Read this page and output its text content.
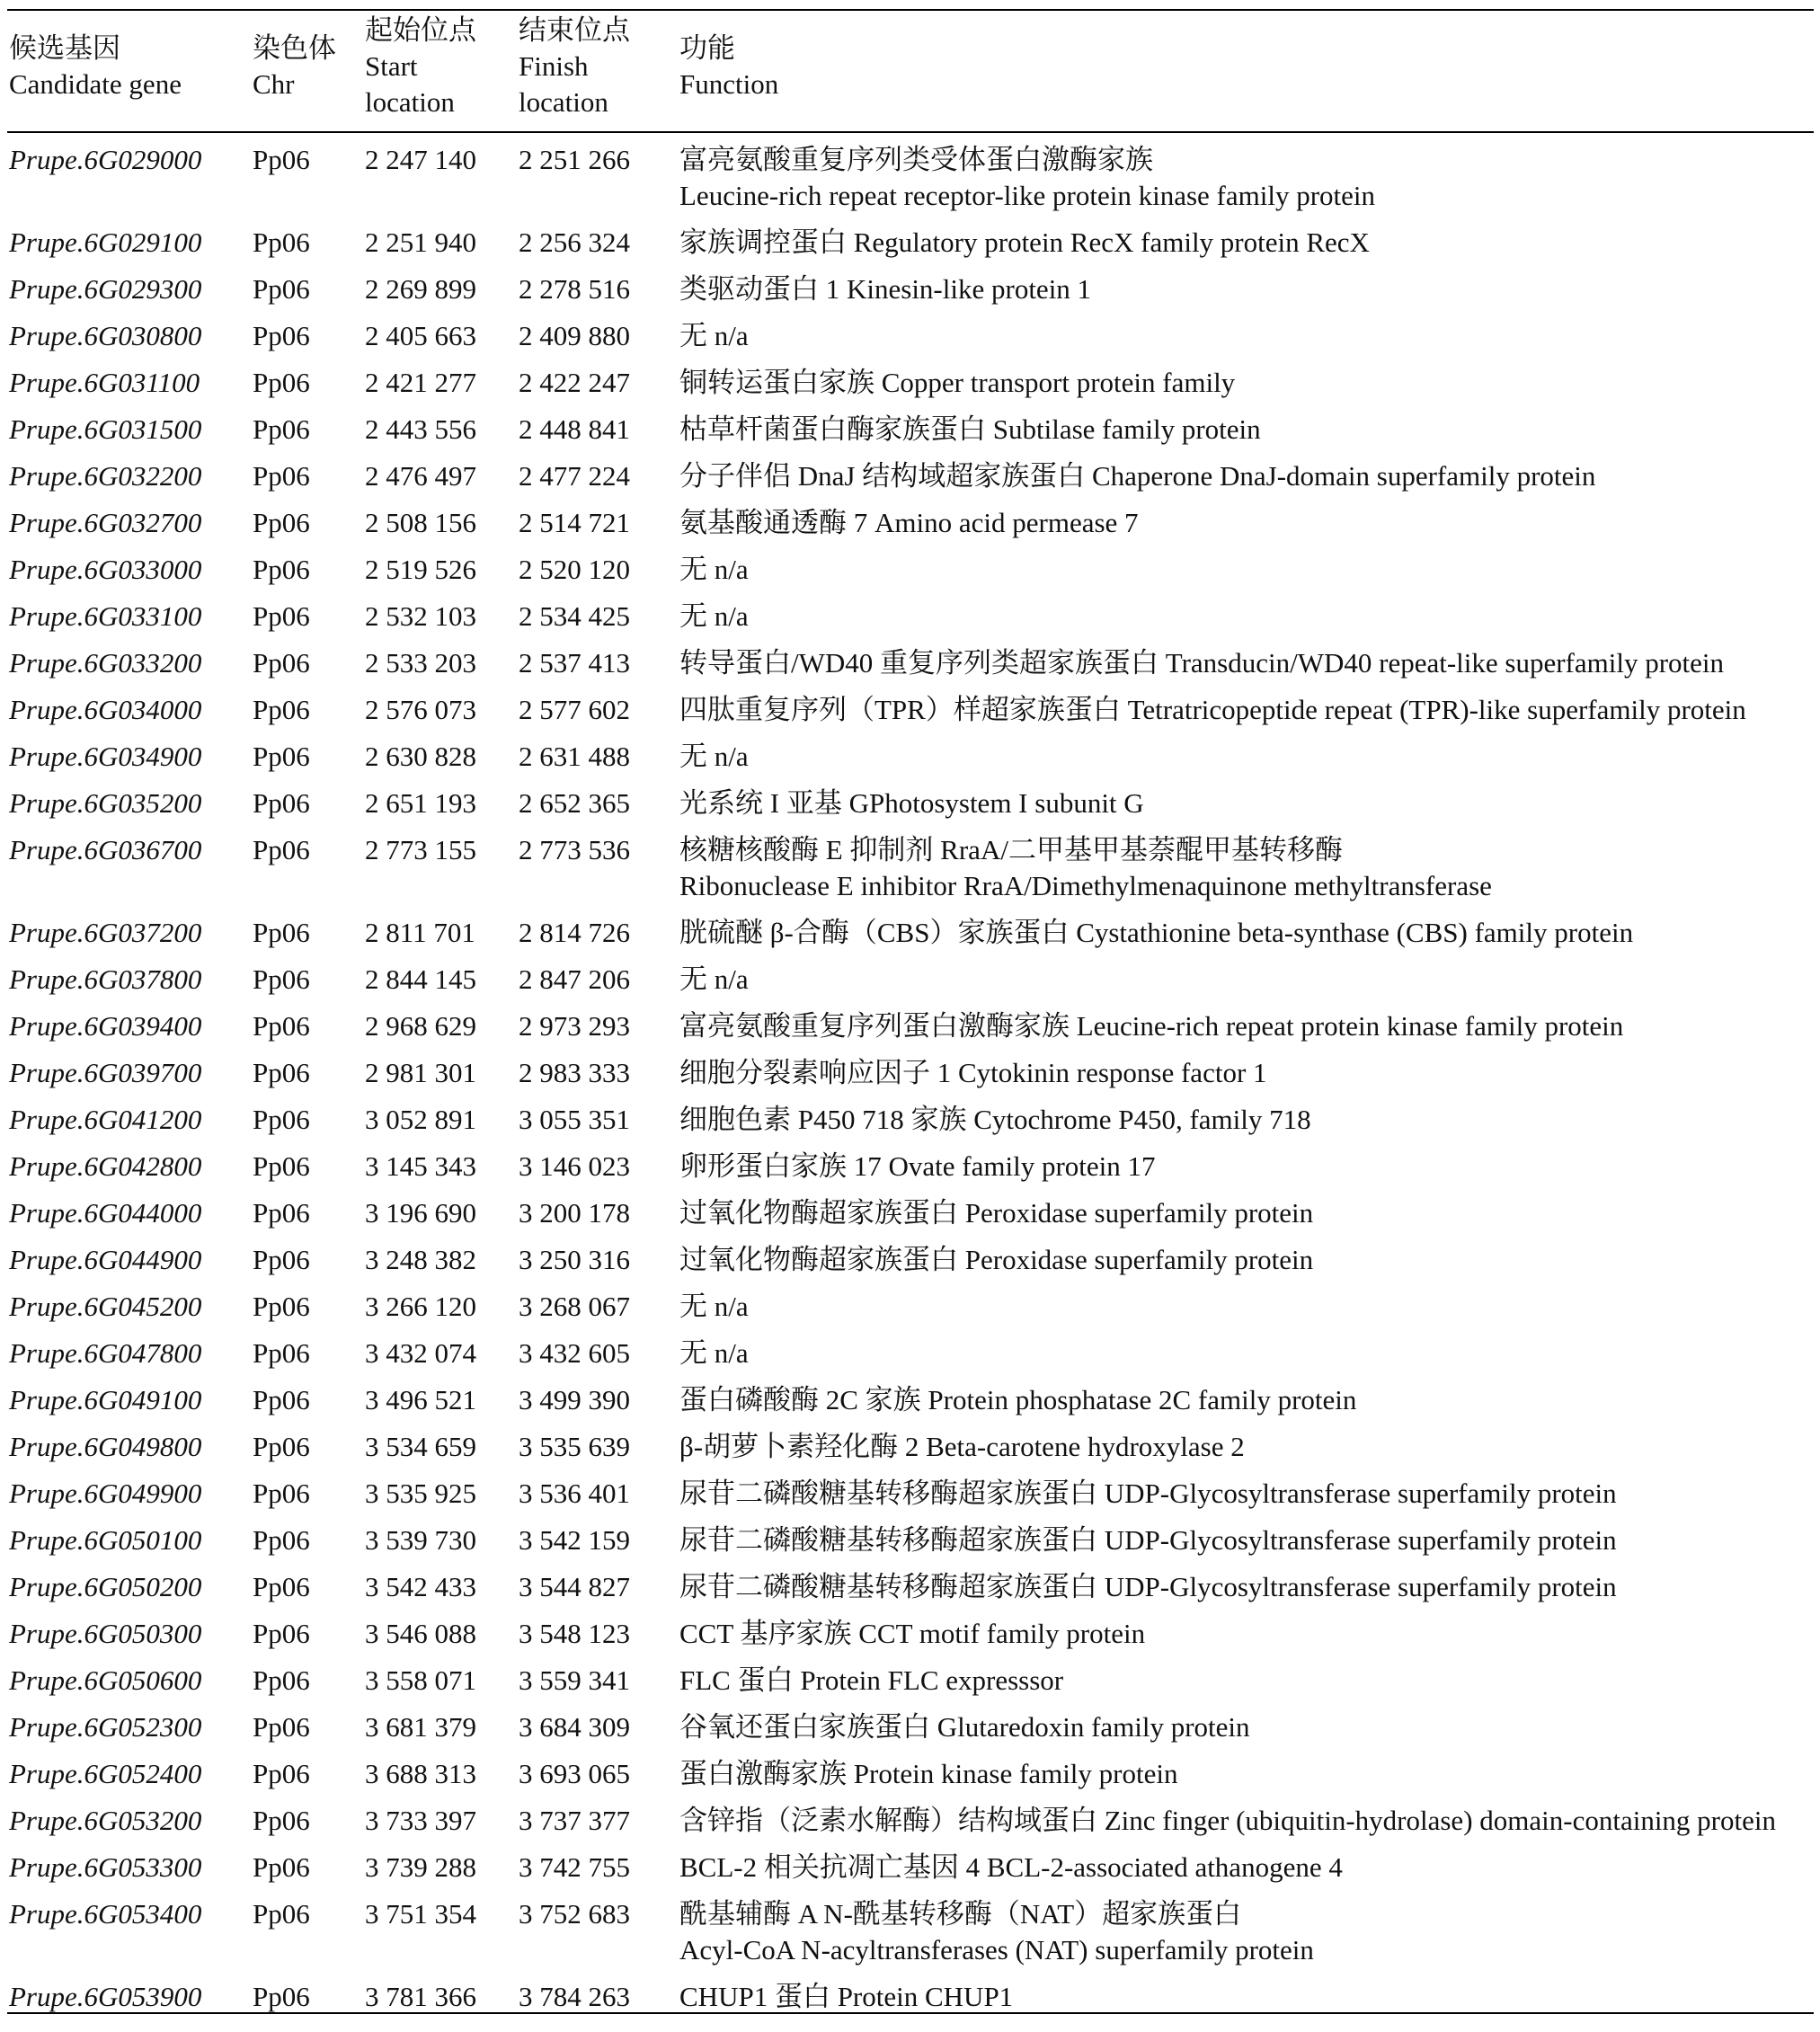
候选基因
Candidate gene
染色体
Chr
起始位点
Start
location
结束位点
Finish
location
功能
Function
Prupe.6G029000 Pp06 2 247 140 2 251 266 富亮氨酸重复序列类受体蛋白激酶家族
Leucine-rich repeat receptor-like protein kinase family protein
Prupe.6G029100 Pp06 2 251 940 2 256 324 家族调控蛋白 Regulatory protein RecX family protein RecX
Prupe.6G029300 Pp06 2 269 899 2 278 516 类驱动蛋白 1 Kinesin-like protein 1
Prupe.6G030800 Pp06 2 405 663 2 409 880 无 n/a
Prupe.6G031100 Pp06 2 421 277 2 422 247 铜转运蛋白家族 Copper transport protein family
Prupe.6G031500 Pp06 2 443 556 2 448 841 枯草杆菌蛋白酶家族蛋白 Subtilase family protein
Prupe.6G032200 Pp06 2 476 497 2 477 224 分子伴侣 DnaJ 结构域超家族蛋白 Chaperone DnaJ-domain superfamily protein
Prupe.6G032700 Pp06 2 508 156 2 514 721 氨基酸通透酶 7 Amino acid permease 7
Prupe.6G033000 Pp06 2 519 526 2 520 120 无 n/a
Prupe.6G033100 Pp06 2 532 103 2 534 425 无 n/a
Prupe.6G033200 Pp06 2 533 203 2 537 413 转导蛋白/WD40 重复序列类超家族蛋白 Transducin/WD40 repeat-like superfamily protein
Prupe.6G034000 Pp06 2 576 073 2 577 602 四肽重复序列（TPR）样超家族蛋白 Tetratricopeptide repeat (TPR)-like superfamily protein
Prupe.6G034900 Pp06 2 630 828 2 631 488 无 n/a
Prupe.6G035200 Pp06 2 651 193 2 652 365 光系统 I 亚基 GPhotosystem I subunit G
Prupe.6G036700 Pp06 2 773 155 2 773 536 核糖核酸酶 E 抑制剂 RraA/二甲基甲基萘醌甲基转移酶
Ribonuclease E inhibitor RraA/Dimethylmenaquinone methyltransferase
Prupe.6G037200 Pp06 2 811 701 2 814 726 胱硫醚 β-合酶（CBS）家族蛋白 Cystathionine beta-synthase (CBS) family protein
Prupe.6G037800 Pp06 2 844 145 2 847 206 无 n/a
Prupe.6G039400 Pp06 2 968 629 2 973 293 富亮氨酸重复序列蛋白激酶家族 Leucine-rich repeat protein kinase family protein
Prupe.6G039700 Pp06 2 981 301 2 983 333 细胞分裂素响应因子 1 Cytokinin response factor 1
Prupe.6G041200 Pp06 3 052 891 3 055 351 细胞色素 P450 718 家族 Cytochrome P450, family 718
Prupe.6G042800 Pp06 3 145 343 3 146 023 卵形蛋白家族 17 Ovate family protein 17
Prupe.6G044000 Pp06 3 196 690 3 200 178 过氧化物酶超家族蛋白 Peroxidase superfamily protein
Prupe.6G044900 Pp06 3 248 382 3 250 316 过氧化物酶超家族蛋白 Peroxidase superfamily protein
Prupe.6G045200 Pp06 3 266 120 3 268 067 无 n/a
Prupe.6G047800 Pp06 3 432 074 3 432 605 无 n/a
Prupe.6G049100 Pp06 3 496 521 3 499 390 蛋白磷酸酶 2C 家族 Protein phosphatase 2C family protein
Prupe.6G049800 Pp06 3 534 659 3 535 639 β-胡萝卜素羟化酶 2 Beta-carotene hydroxylase 2
Prupe.6G049900 Pp06 3 535 925 3 536 401 尿苷二磷酸糖基转移酶超家族蛋白 UDP-Glycosyltransferase superfamily protein
Prupe.6G050100 Pp06 3 539 730 3 542 159 尿苷二磷酸糖基转移酶超家族蛋白 UDP-Glycosyltransferase superfamily protein
Prupe.6G050200 Pp06 3 542 433 3 544 827 尿苷二磷酸糖基转移酶超家族蛋白 UDP-Glycosyltransferase superfamily protein
Prupe.6G050300 Pp06 3 546 088 3 548 123 CCT 基序家族 CCT motif family protein
Prupe.6G050600 Pp06 3 558 071 3 559 341 FLC 蛋白 Protein FLC expresssor
Prupe.6G052300 Pp06 3 681 379 3 684 309 谷氧还蛋白家族蛋白 Glutaredoxin family protein
Prupe.6G052400 Pp06 3 688 313 3 693 065 蛋白激酶家族 Protein kinase family protein
Prupe.6G053200 Pp06 3 733 397 3 737 377 含锌指（泛素水解酶）结构域蛋白 Zinc finger (ubiquitin-hydrolase) domain-containing protein
Prupe.6G053300 Pp06 3 739 288 3 742 755 BCL-2 相关抗凋亡基因 4 BCL-2-associated athanogene 4
Prupe.6G053400 Pp06 3 751 354 3 752 683 酰基辅酶 A N-酰基转移酶（NAT）超家族蛋白
Acyl-CoA N-acyltransferases (NAT) superfamily protein
Prupe.6G053900 Pp06 3 781 366 3 784 263 CHUP1 蛋白 Protein CHUP1
